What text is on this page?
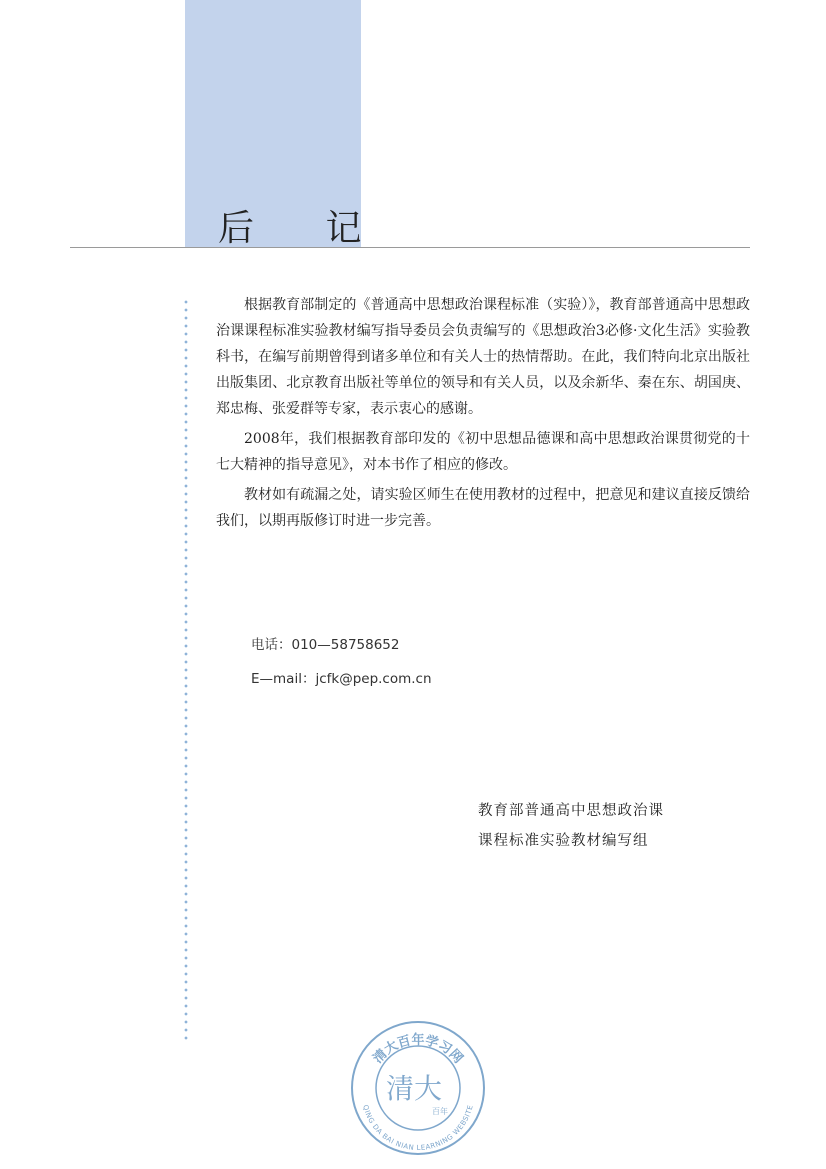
后 记

根据教育部制定的《普通高中思想政治课程标准（实验）》，教育部普通高中思想政治课课程标准实验教材编写指导委员会负责编写的《思想政治3必修·文化生活》实验教科书，在编写前期曾得到诸多单位和有关人士的热情帮助。在此，我们特向北京出版社出版集团、北京教育出版社等单位的领导和有关人员，以及余新华、秦在东、胡国庚、郑忠梅、张爱群等专家，表示衷心的感谢。

2008年，我们根据教育部印发的《初中思想品德课和高中思想政治课贯彻党的十七大精神的指导意见》，对本书作了相应的修改。

教材如有疏漏之处，请实验区师生在使用教材的过程中，把意见和建议直接反馈给我们，以期再版修订时进一步完善。

电话：010—58758652
E—mail：jcfk@pep.com.cn
教育部普通高中思想政治课
课程标准实验教材编写组
清大百年学习网
QING DA BAI NIAN LEARNING WEBSITE
清大
百年
